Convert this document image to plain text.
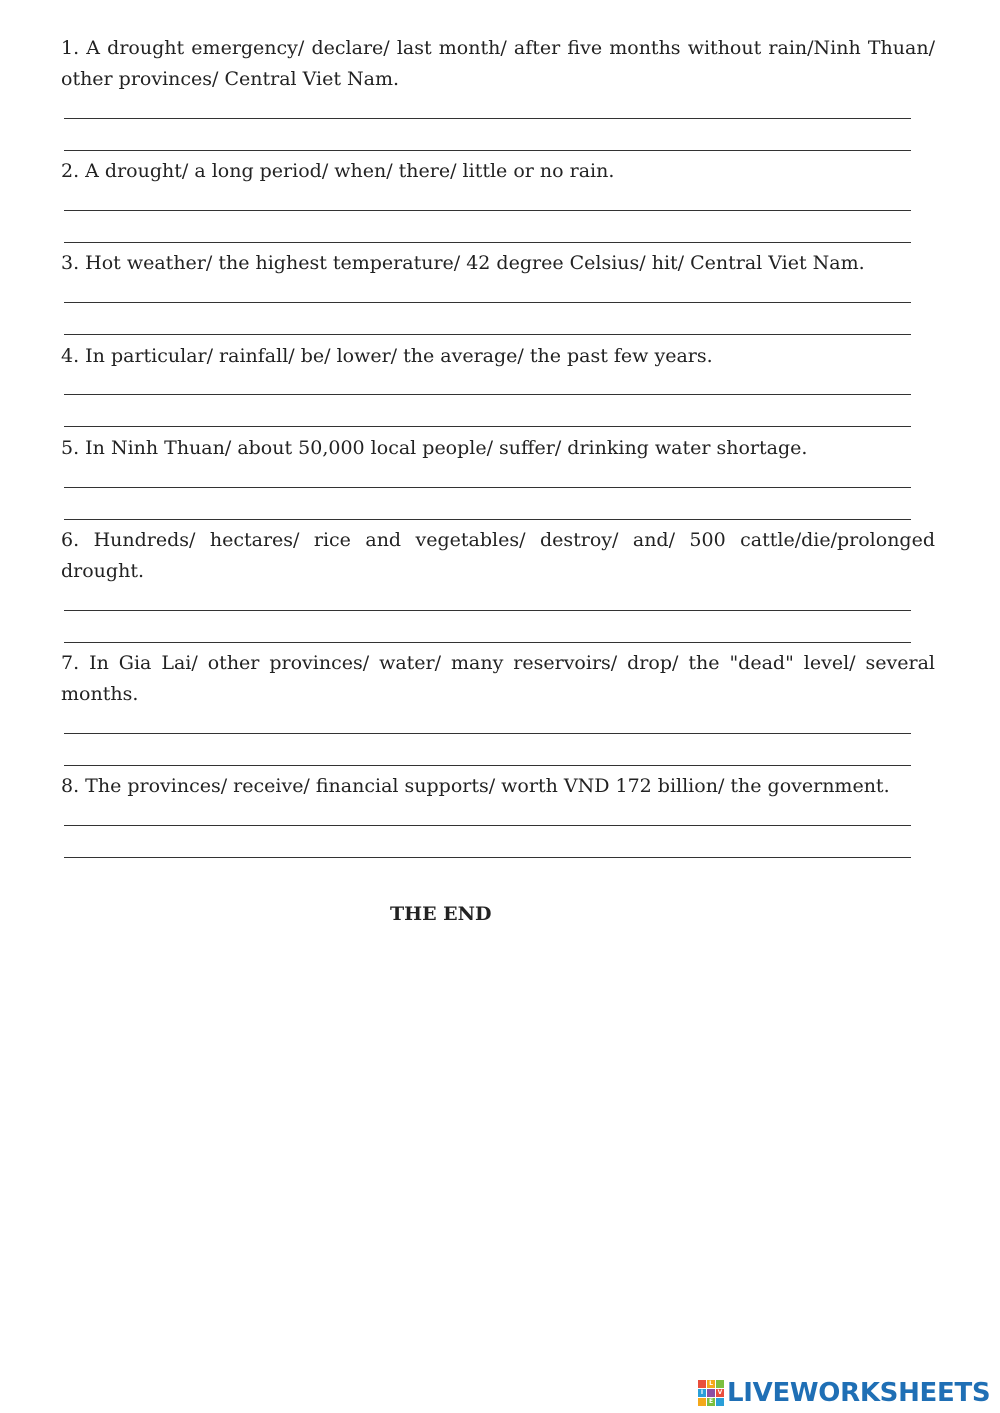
1. A drought emergency/ declare/ last month/ after five months without rain/Ninh Thuan/
other provinces/ Central Viet Nam.
2. A drought/ a long period/ when/ there/ little or no rain.
3. Hot weather/ the highest temperature/ 42 degree Celsius/ hit/ Central Viet Nam.
4. In particular/ rainfall/ be/ lower/ the average/ the past few years.
5. In Ninh Thuan/ about 50,000 local people/ suffer/ drinking water shortage.
6. Hundreds/ hectares/ rice and vegetables/ destroy/ and/ 500 cattle/die/prolonged
drought.
7. In Gia Lai/ other provinces/ water/ many reservoirs/ drop/ the "dead" level/ several
months.
8. The provinces/ receive/ financial supports/ worth VND 172 billion/ the government.
THE END
L
I	V
E LIVEWORKSHEETS
